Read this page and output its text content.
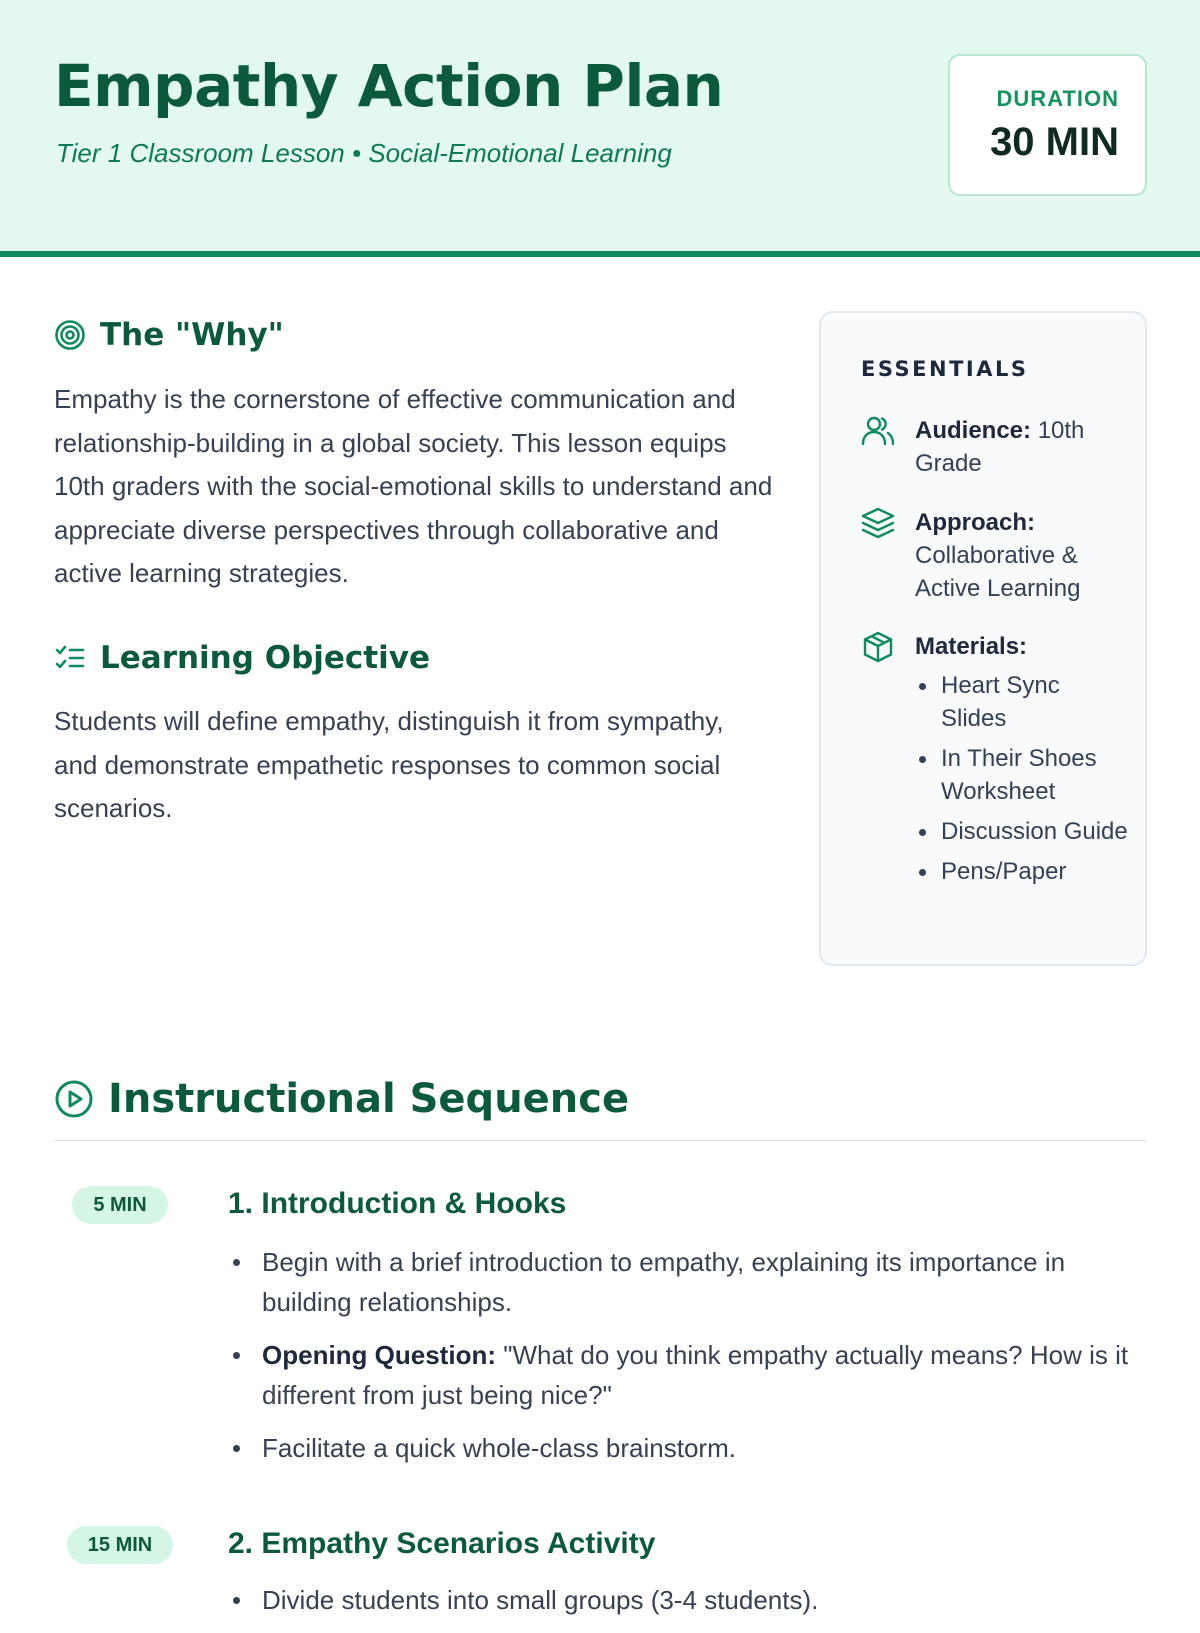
Empathy Action Plan
Tier 1 Classroom Lesson • Social-Emotional Learning
DURATION
30 MIN
The "Why"
Empathy is the cornerstone of effective communication and relationship-building in a global society. This lesson equips 10th graders with the social-emotional skills to understand and appreciate diverse perspectives through collaborative and active learning strategies.
Learning Objective
Students will define empathy, distinguish it from sympathy, and demonstrate empathetic responses to common social scenarios.
ESSENTIALS
Audience: 10th Grade
Approach:
Collaborative & Active Learning
Materials:
Heart Sync Slides
In Their Shoes Worksheet
Discussion Guide
Pens/Paper
Instructional Sequence
5 MIN	1. Introduction & Hooks
Begin with a brief introduction to empathy, explaining its importance in building relationships.
Opening Question: "What do you think empathy actually means? How is it different from just being nice?"
Facilitate a quick whole-class brainstorm.
15 MIN	2. Empathy Scenarios Activity
Divide students into small groups (3-4 students).
